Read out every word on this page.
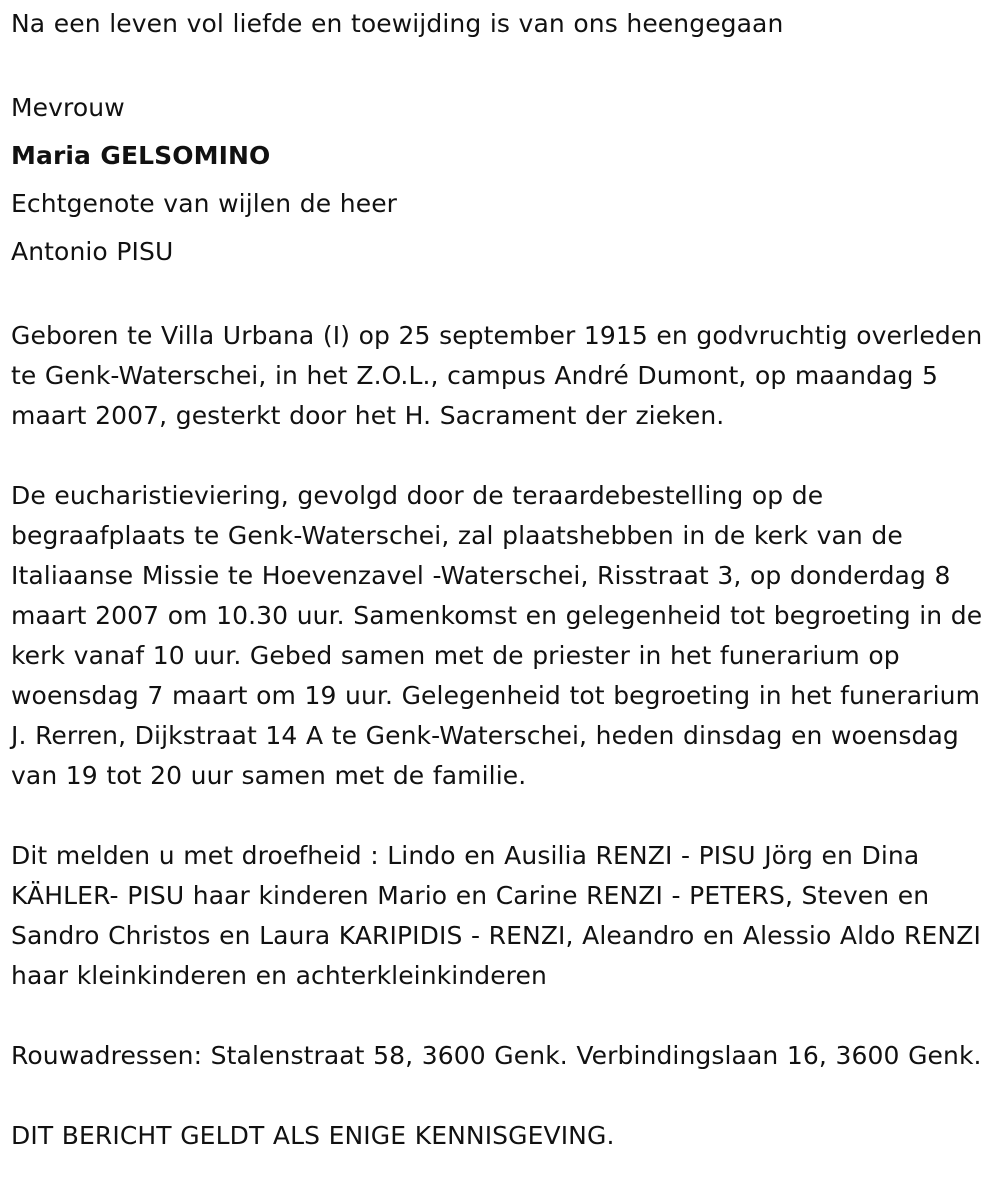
Na een leven vol liefde en toewijding is van ons heengegaan

Mevrouw

Maria GELSOMINO

Echtgenote van wijlen de heer

Antonio PISU

Geboren te Villa Urbana (I) op 25 september 1915 en godvruchtig overleden te Genk-Waterschei, in het Z.O.L., campus André Dumont, op maandag 5 maart 2007, gesterkt door het H. Sacrament der zieken.

De eucharistieviering, gevolgd door de teraardebestelling op de begraafplaats te Genk-Waterschei, zal plaatshebben in de kerk van de Italiaanse Missie te Hoevenzavel -Waterschei, Risstraat 3, op donderdag 8 maart 2007 om 10.30 uur. Samenkomst en gelegenheid tot begroeting in de kerk vanaf 10 uur. Gebed samen met de priester in het funerarium op woensdag 7 maart om 19 uur. Gelegenheid tot begroeting in het funerarium J. Rerren, Dijkstraat 14 A te Genk-Waterschei, heden dinsdag en woensdag van 19 tot 20 uur samen met de familie.

Dit melden u met droefheid : Lindo en Ausilia RENZI - PISU Jörg en Dina KÄHLER- PISU haar kinderen Mario en Carine RENZI - PETERS, Steven en Sandro Christos en Laura KARIPIDIS - RENZI, Aleandro en Alessio Aldo RENZI haar kleinkinderen en achterkleinkinderen

Rouwadressen: Stalenstraat 58, 3600 Genk. Verbindingslaan 16, 3600 Genk.

DIT BERICHT GELDT ALS ENIGE KENNISGEVING.
